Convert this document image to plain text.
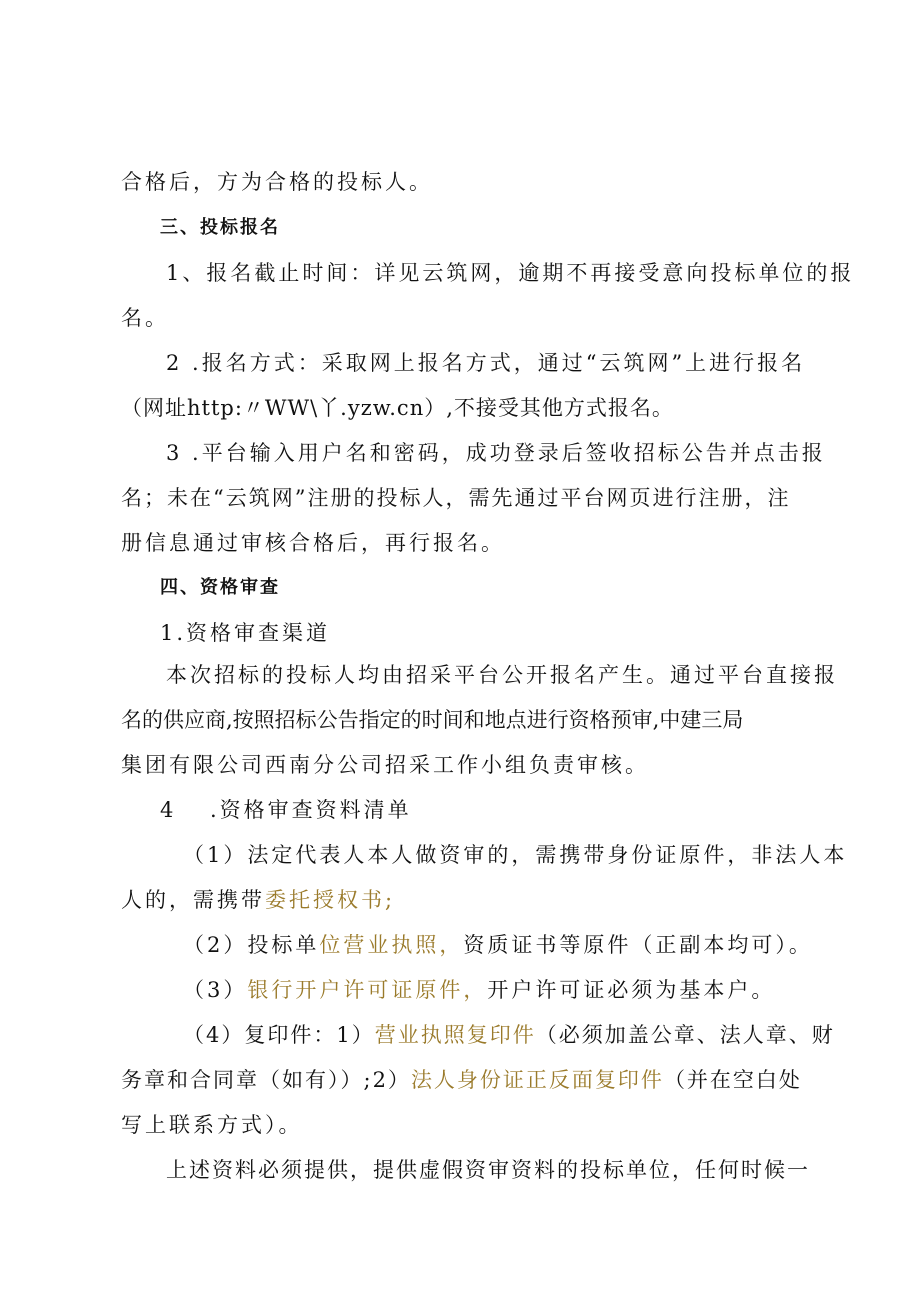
合格后，方为合格的投标人。
三、投标报名
1、报名截止时间：详见云筑网，逾期不再接受意向投标单位的报
名。
2 .报名方式：采取网上报名方式，通过“云筑网”上进行报名
（网址http:〃WW\丫.yzw.cn）,不接受其他方式报名。
3 .平台输入用户名和密码，成功登录后签收招标公告并点击报
名；未在“云筑网”注册的投标人，需先通过平台网页进行注册，注
册信息通过审核合格后，再行报名。
四、资格审查
1.资格审查渠道
本次招标的投标人均由招采平台公开报名产生。通过平台直接报
名的供应商,按照招标公告指定的时间和地点进行资格预审,中建三局
集团有限公司西南分公司招采工作小组负责审核。
4 .资格审查资料清单
（1）法定代表人本人做资审的，需携带身份证原件，非法人本
人的，需携带委托授权书;
（2）投标单位营业执照，资质证书等原件（正副本均可）。
（3）银行开户许可证原件，开户许可证必须为基本户。
（4）复印件：1）营业执照复印件（必须加盖公章、法人章、财
务章和合同章（如有））;2）法人身份证正反面复印件（并在空白处
写上联系方式）。
上述资料必须提供，提供虚假资审资料的投标单位，任何时候一
